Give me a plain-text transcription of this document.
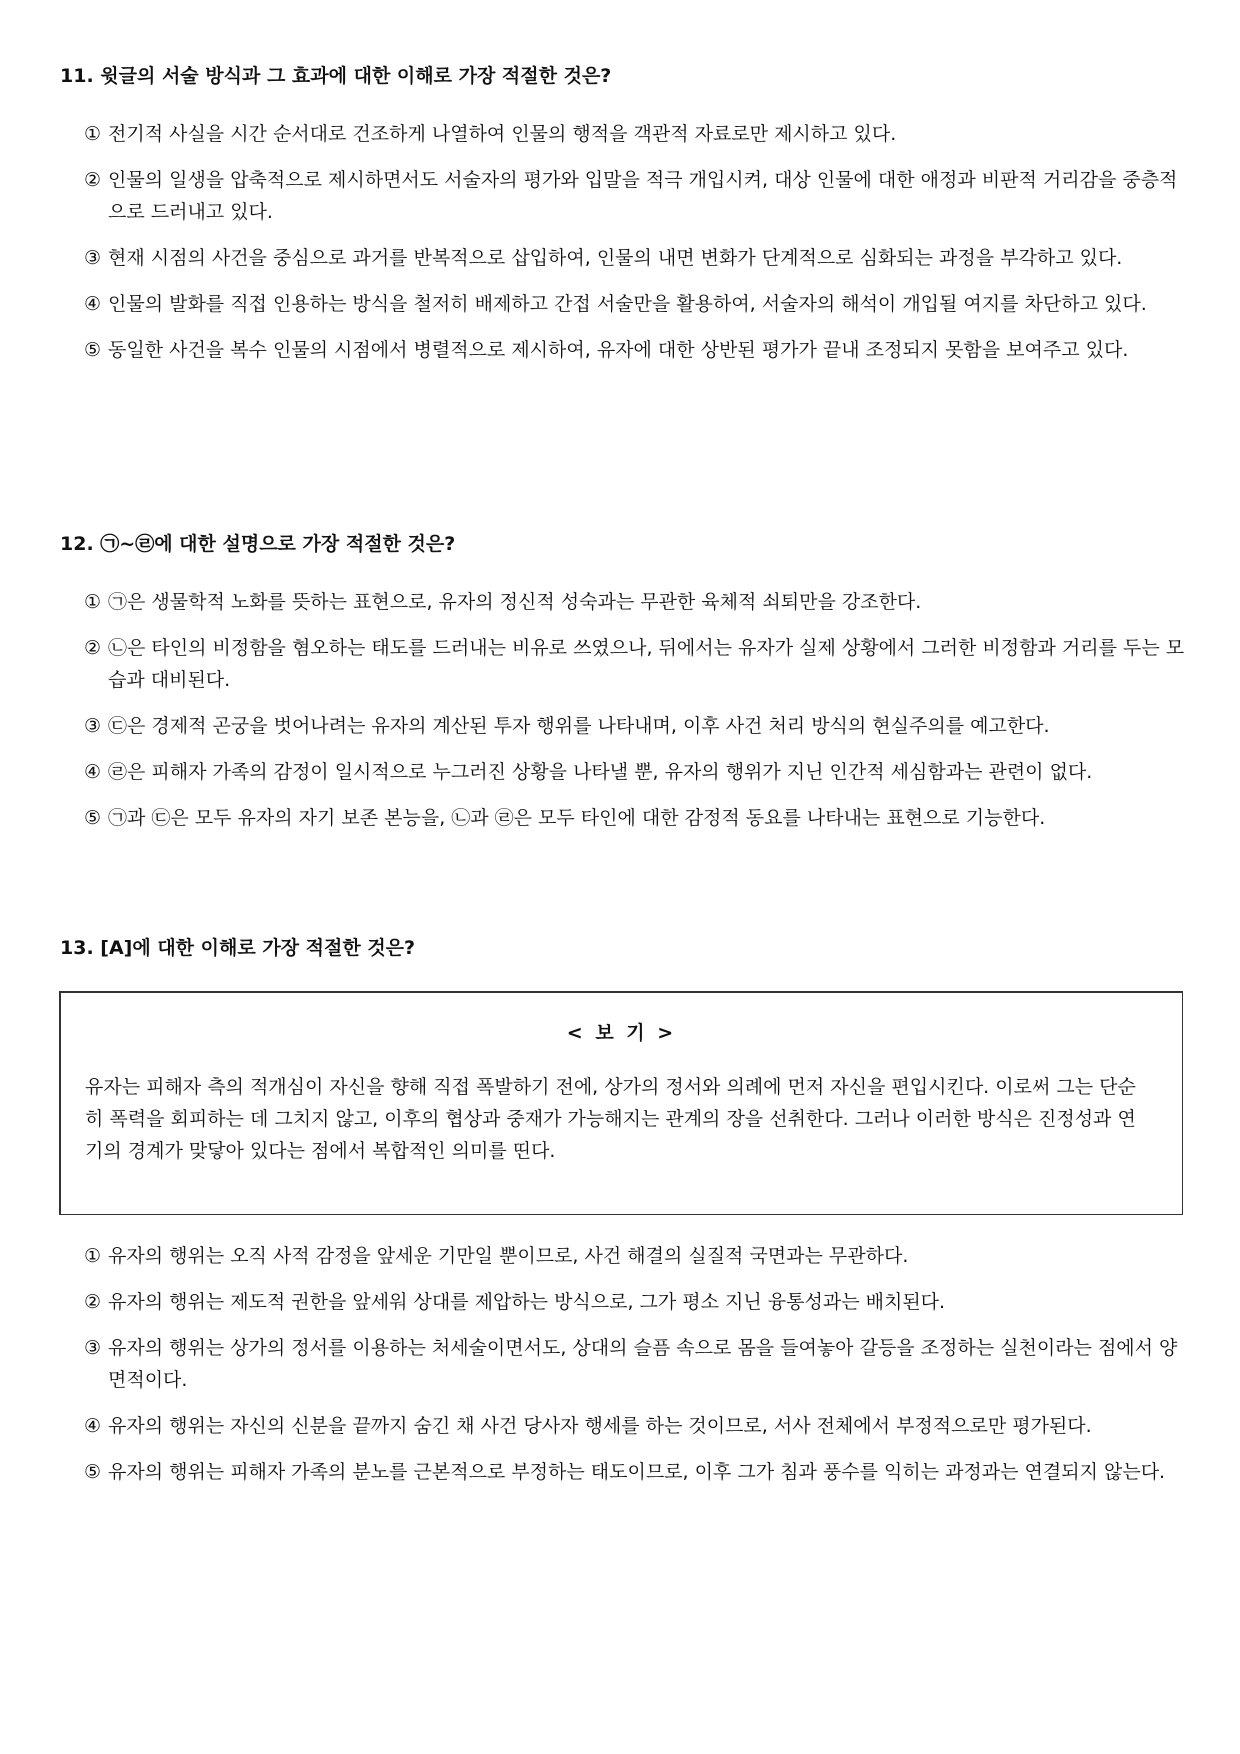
11. 윗글의 서술 방식과 그 효과에 대한 이해로 가장 적절한 것은?
① 전기적 사실을 시간 순서대로 건조하게 나열하여 인물의 행적을 객관적 자료로만 제시하고 있다.
② 인물의 일생을 압축적으로 제시하면서도 서술자의 평가와 입말을 적극 개입시켜, 대상 인물에 대한 애정과 비판적 거리감을 중층적으로 드러내고 있다.
③ 현재 시점의 사건을 중심으로 과거를 반복적으로 삽입하여, 인물의 내면 변화가 단계적으로 심화되는 과정을 부각하고 있다.
④ 인물의 발화를 직접 인용하는 방식을 철저히 배제하고 간접 서술만을 활용하여, 서술자의 해석이 개입될 여지를 차단하고 있다.
⑤ 동일한 사건을 복수 인물의 시점에서 병렬적으로 제시하여, 유자에 대한 상반된 평가가 끝내 조정되지 못함을 보여주고 있다.
12. ㉠~㉣에 대한 설명으로 가장 적절한 것은?
① ㉠은 생물학적 노화를 뜻하는 표현으로, 유자의 정신적 성숙과는 무관한 육체적 쇠퇴만을 강조한다.
② ㉡은 타인의 비정함을 혐오하는 태도를 드러내는 비유로 쓰였으나, 뒤에서는 유자가 실제 상황에서 그러한 비정함과 거리를 두는 모습과 대비된다.
③ ㉢은 경제적 곤궁을 벗어나려는 유자의 계산된 투자 행위를 나타내며, 이후 사건 처리 방식의 현실주의를 예고한다.
④ ㉣은 피해자 가족의 감정이 일시적으로 누그러진 상황을 나타낼 뿐, 유자의 행위가 지닌 인간적 세심함과는 관련이 없다.
⑤ ㉠과 ㉢은 모두 유자의 자기 보존 본능을, ㉡과 ㉣은 모두 타인에 대한 감정적 동요를 나타내는 표현으로 기능한다.
13. [A]에 대한 이해로 가장 적절한 것은?
< 보 기 >
유자는 피해자 측의 적개심이 자신을 향해 직접 폭발하기 전에, 상가의 정서와 의례에 먼저 자신을 편입시킨다. 이로써 그는 단순히 폭력을 회피하는 데 그치지 않고, 이후의 협상과 중재가 가능해지는 관계의 장을 선취한다. 그러나 이러한 방식은 진정성과 연기의 경계가 맞닿아 있다는 점에서 복합적인 의미를 띤다.
① 유자의 행위는 오직 사적 감정을 앞세운 기만일 뿐이므로, 사건 해결의 실질적 국면과는 무관하다.
② 유자의 행위는 제도적 권한을 앞세워 상대를 제압하는 방식으로, 그가 평소 지닌 융통성과는 배치된다.
③ 유자의 행위는 상가의 정서를 이용하는 처세술이면서도, 상대의 슬픔 속으로 몸을 들여놓아 갈등을 조정하는 실천이라는 점에서 양면적이다.
④ 유자의 행위는 자신의 신분을 끝까지 숨긴 채 사건 당사자 행세를 하는 것이므로, 서사 전체에서 부정적으로만 평가된다.
⑤ 유자의 행위는 피해자 가족의 분노를 근본적으로 부정하는 태도이므로, 이후 그가 침과 풍수를 익히는 과정과는 연결되지 않는다.
